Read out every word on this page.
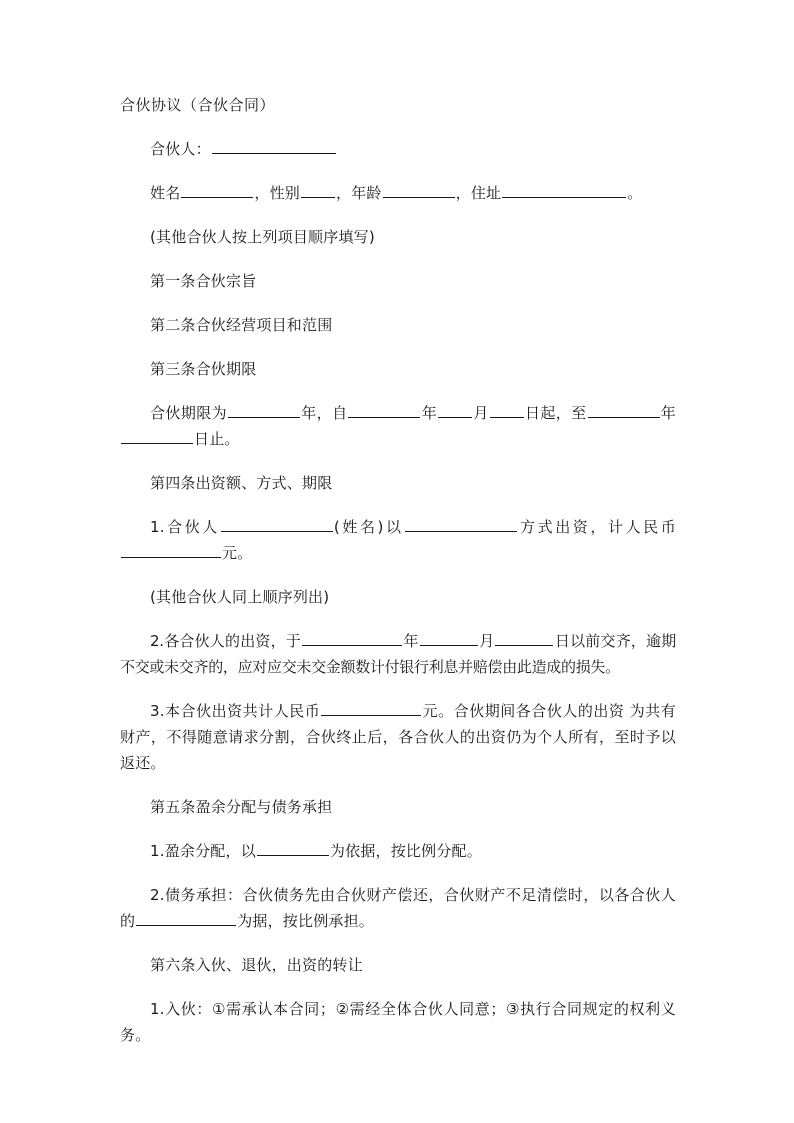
合伙协议（合伙合同）

合伙人：

姓名	，性别 ，年龄	，住址	。

(其他合伙人按上列项目顺序填写)

第一条合伙宗旨

第二条合伙经营项目和范围

第三条合伙期限

合伙期限为	年，自	年 月 日起，至	年日止。

第四条出资额、方式、期限

1.合伙人	(姓名)以	方式出资，计人民币元。

(其他合伙人同上顺序列出)

2.各合伙人的出资，于	年	月	日以前交齐，逾期不交或未交齐的，应对应交未交金额数计付银行利息并赔偿由此造成的损失。

3.本合伙出资共计人民币	元。合伙期间各合伙人的出资 为共有财产，不得随意请求分割，合伙终止后，各合伙人的出资仍为个人所有，至时予以返还。

第五条盈余分配与债务承担

1.盈余分配，以	为依据，按比例分配。

2.债务承担：合伙债务先由合伙财产偿还，合伙财产不足清偿时，以各合伙人的	为据，按比例承担。

第六条入伙、退伙，出资的转让

1.入伙：①需承认本合同；②需经全体合伙人同意；③执行合同规定的权利义务。
